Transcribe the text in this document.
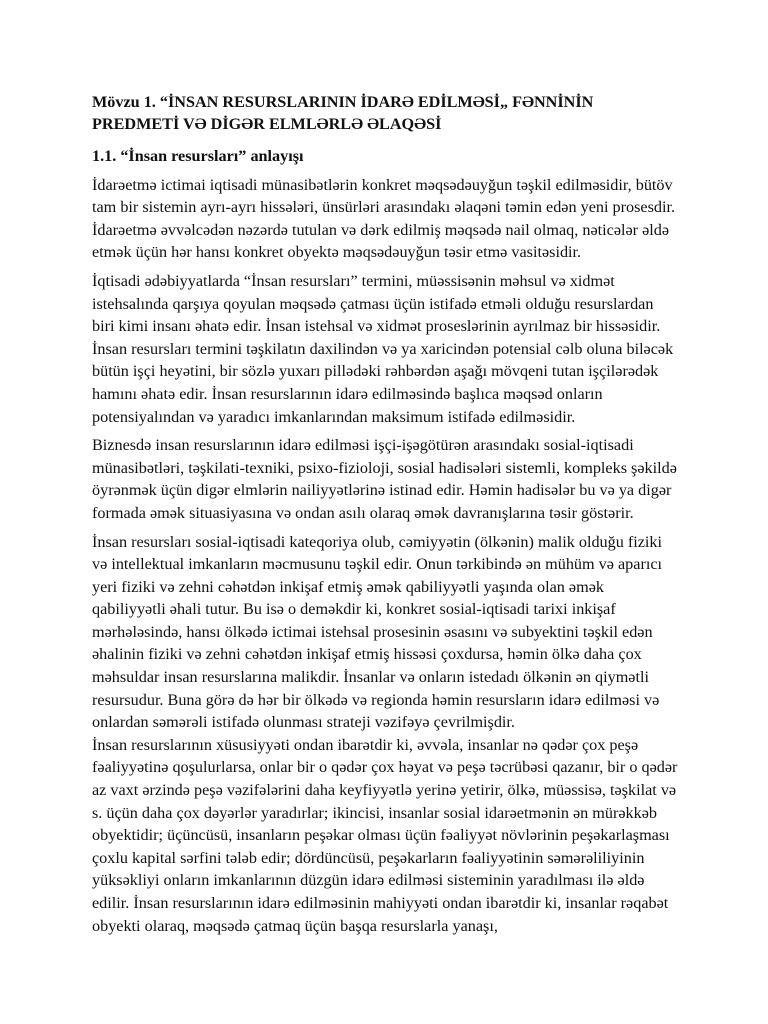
Mövzu 1. “İNSAN RESURSLARININ İDARƏ EDİLMƏSİ„ FƏNNİNİN PREDMETİ VƏ DİGƏR ELMLƏRLƏ ƏLAQƏSİ
1.1. “İnsan resursları” anlayışı

İdarəetmə ictimai iqtisadi münasibətlərin konkret məqsədəuyğun təşkil edilməsidir, bütöv tam bir sistemin ayrı-ayrı hissələri, ünsürləri arasındakı əlaqəni təmin edən yeni prosesdir. İdarəetmə əvvəlcədən nəzərdə tutulan və dərk edilmiş məqsədə nail olmaq, nəticələr əldə etmək üçün hər hansı konkret obyektə məqsədəuyğun təsir etmə vasitəsidir.

İqtisadi ədəbiyyatlarda “İnsan resursları” termini, müəssisənin məhsul və xidmət istehsalında qarşıya qoyulan məqsədə çatması üçün istifadə etməli olduğu resurslardan biri kimi insanı əhatə edir. İnsan istehsal və xidmət proseslərinin ayrılmaz bir hissəsidir. İnsan resursları termini təşkilatın daxilindən və ya xaricindən potensial cəlb oluna biləcək bütün işçi heyətini, bir sözlə yuxarı pillədəki rəhbərdən aşağı mövqeni tutan işçilərədək hamını əhatə edir. İnsan resurslarının idarə edilməsində başlıca məqsəd onların potensiyalından və yaradıcı imkanlarından maksimum istifadə edilməsidir.

Biznesdə insan resurslarının idarə edilməsi işçi-işəgötürən arasındakı sosial-iqtisadi münasibətləri, təşkilati-texniki, psixo-fizioloji, sosial hadisələri sistemli, kompleks şəkildə öyrənmək üçün digər elmlərin nailiyyətlərinə istinad edir. Həmin hadisələr bu və ya digər formada əmək situasiyasına və ondan asılı olaraq əmək davranışlarına təsir göstərir.

İnsan resursları sosial-iqtisadi kateqoriya olub, cəmiyyətin (ölkənin) malik olduğu fiziki və intellektual imkanların məcmusunu təşkil edir. Onun tərkibində ən mühüm və aparıcı yeri fiziki və zehni cəhətdən inkişaf etmiş əmək qabiliyyətli yaşında olan əmək qabiliyyətli əhali tutur. Bu isə o deməkdir ki, konkret sosial-iqtisadi tarixi inkişaf mərhələsində, hansı ölkədə ictimai istehsal prosesinin əsasını və subyektini təşkil edən əhalinin fiziki və zehni cəhətdən inkişaf etmiş hissəsi çoxdursa, həmin ölkə daha çox məhsuldar insan resurslarına malikdir. İnsanlar və onların istedadı ölkənin ən qiymətli resursudur. Buna görə də hər bir ölkədə və regionda həmin resursların idarə edilməsi və onlardan səmərəli istifadə olunması strateji vəzifəyə çevrilmişdir.

İnsan resurslarının xüsusiyyəti ondan ibarətdir ki, əvvəla, insanlar nə qədər çox peşə fəaliyyətinə qoşulurlarsa, onlar bir o qədər çox həyat və peşə təcrübəsi qazanır, bir o qədər az vaxt ərzində peşə vəzifələrini daha keyfiyyətlə yerinə yetirir, ölkə, müəssisə, təşkilat və s. üçün daha çox dəyərlər yaradırlar; ikincisi, insanlar sosial idarəetmənin ən mürəkkəb obyektidir; üçüncüsü, insanların peşəkar olması üçün fəaliyyət növlərinin peşəkarlaşması çoxlu kapital sərfini tələb edir; dördüncüsü, peşəkarların fəaliyyətinin səmərəliliyinin yüksəkliyi onların imkanlarının düzgün idarə edilməsi sisteminin yaradılması ilə əldə edilir. İnsan resurslarının idarə edilməsinin mahiyyəti ondan ibarətdir ki, insanlar rəqabət obyekti olaraq, məqsədə çatmaq üçün başqa resurslarla yanaşı,
